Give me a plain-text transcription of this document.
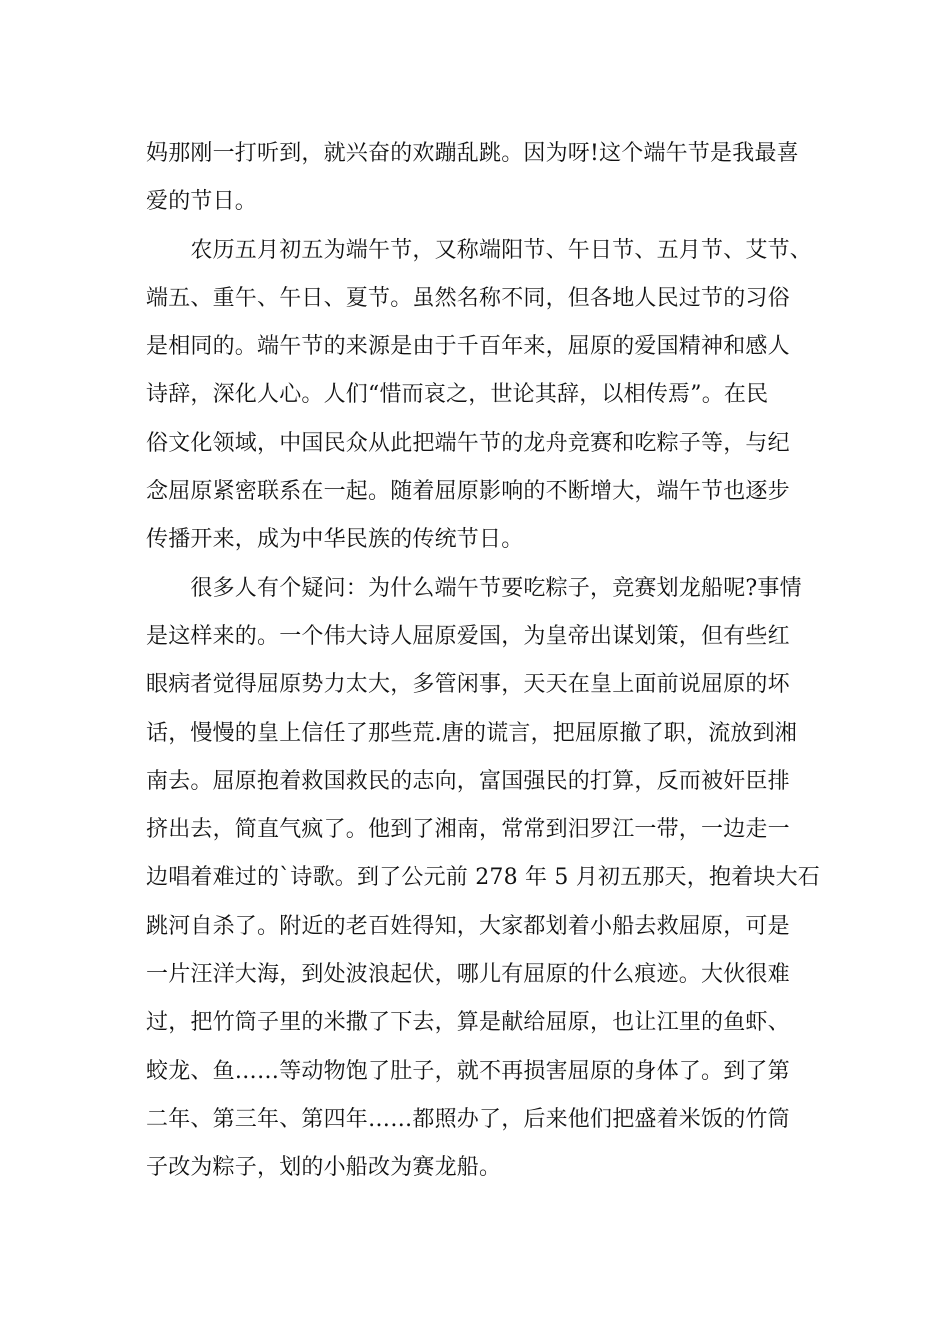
妈那刚一打听到，就兴奋的欢蹦乱跳。因为呀!这个端午节是我最喜
爱的节日。
　　农历五月初五为端午节，又称端阳节、午日节、五月节、艾节、
端五、重午、午日、夏节。虽然名称不同，但各地人民过节的习俗
是相同的。端午节的来源是由于千百年来，屈原的爱国精神和感人
诗辞，深化人心。人们“惜而哀之，世论其辞，以相传焉”。在民
俗文化领域，中国民众从此把端午节的龙舟竞赛和吃粽子等，与纪
念屈原紧密联系在一起。随着屈原影响的不断增大，端午节也逐步
传播开来，成为中华民族的传统节日。
　　很多人有个疑问：为什么端午节要吃粽子，竞赛划龙船呢?事情
是这样来的。一个伟大诗人屈原爱国，为皇帝出谋划策，但有些红
眼病者觉得屈原势力太大，多管闲事，天天在皇上面前说屈原的坏
话，慢慢的皇上信任了那些荒.唐的谎言，把屈原撤了职，流放到湘
南去。屈原抱着救国救民的志向，富国强民的打算，反而被奸臣排
挤出去，简直气疯了。他到了湘南，常常到汨罗江一带，一边走一
边唱着难过的`诗歌。到了公元前 278 年 5 月初五那天，抱着块大石
跳河自杀了。附近的老百姓得知，大家都划着小船去救屈原，可是
一片汪洋大海，到处波浪起伏，哪儿有屈原的什么痕迹。大伙很难
过，把竹筒子里的米撒了下去，算是献给屈原，也让江里的鱼虾、
蛟龙、鱼……等动物饱了肚子，就不再损害屈原的身体了。到了第
二年、第三年、第四年……都照办了，后来他们把盛着米饭的竹筒
子改为粽子，划的小船改为赛龙船。
